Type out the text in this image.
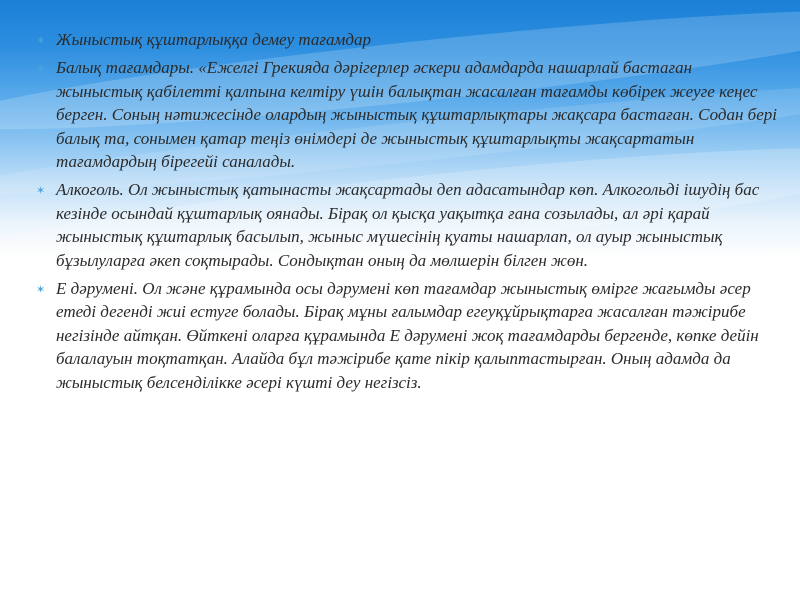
✶ Жыныстық құштарлыққа демеу тағамдар
✶ Балық тағамдары. «Ежелгі Грекияда дәрігерлер әскери адамдарда нашарлай бастаған жыныстық қабілетті қалпына келтіру үшін балықтан жасалған тағамды көбірек жеуге кеңес берген. Соның нәтижесінде олардың жыныстық құштарлықтары жақсара бастаған. Содан бері балық та, сонымен қатар теңіз өнімдері де жыныстық құштарлықты жақсартатын тағамдардың бірегейі саналады.
✶ Алкоголь. Ол жыныстық қатынасты жақсартады деп адасатындар көп. Алкогольді ішудің бас кезінде осындай құштарлық оянады. Бірақ ол қысқа уақытқа ғана созылады, ал әрі қарай жыныстық құштарлық басылып, жыныс мүшесінің қуаты нашарлап, ол ауыр жыныстық бұзылуларға әкеп соқтырады. Сондықтан оның да мөлшерін білген жөн.
✶ Е дәрумені. Ол және құрамында осы дәрумені көп тағамдар жыныстық өмірге жағымды әсер етеді дегенді жиі естуге болады. Бірақ мұны ғалымдар егеуқұйрықтарға жасалған тәжірибе негізінде айтқан. Өйткені оларға құрамында Е дәрумені жоқ тағамдарды бергенде, көпке дейін балалауын тоқтатқан. Алайда бұл тәжірибе қате пікір қалыптастырған. Оның адамда да жыныстық белсенділікке әсері күшті деу негізсіз.
